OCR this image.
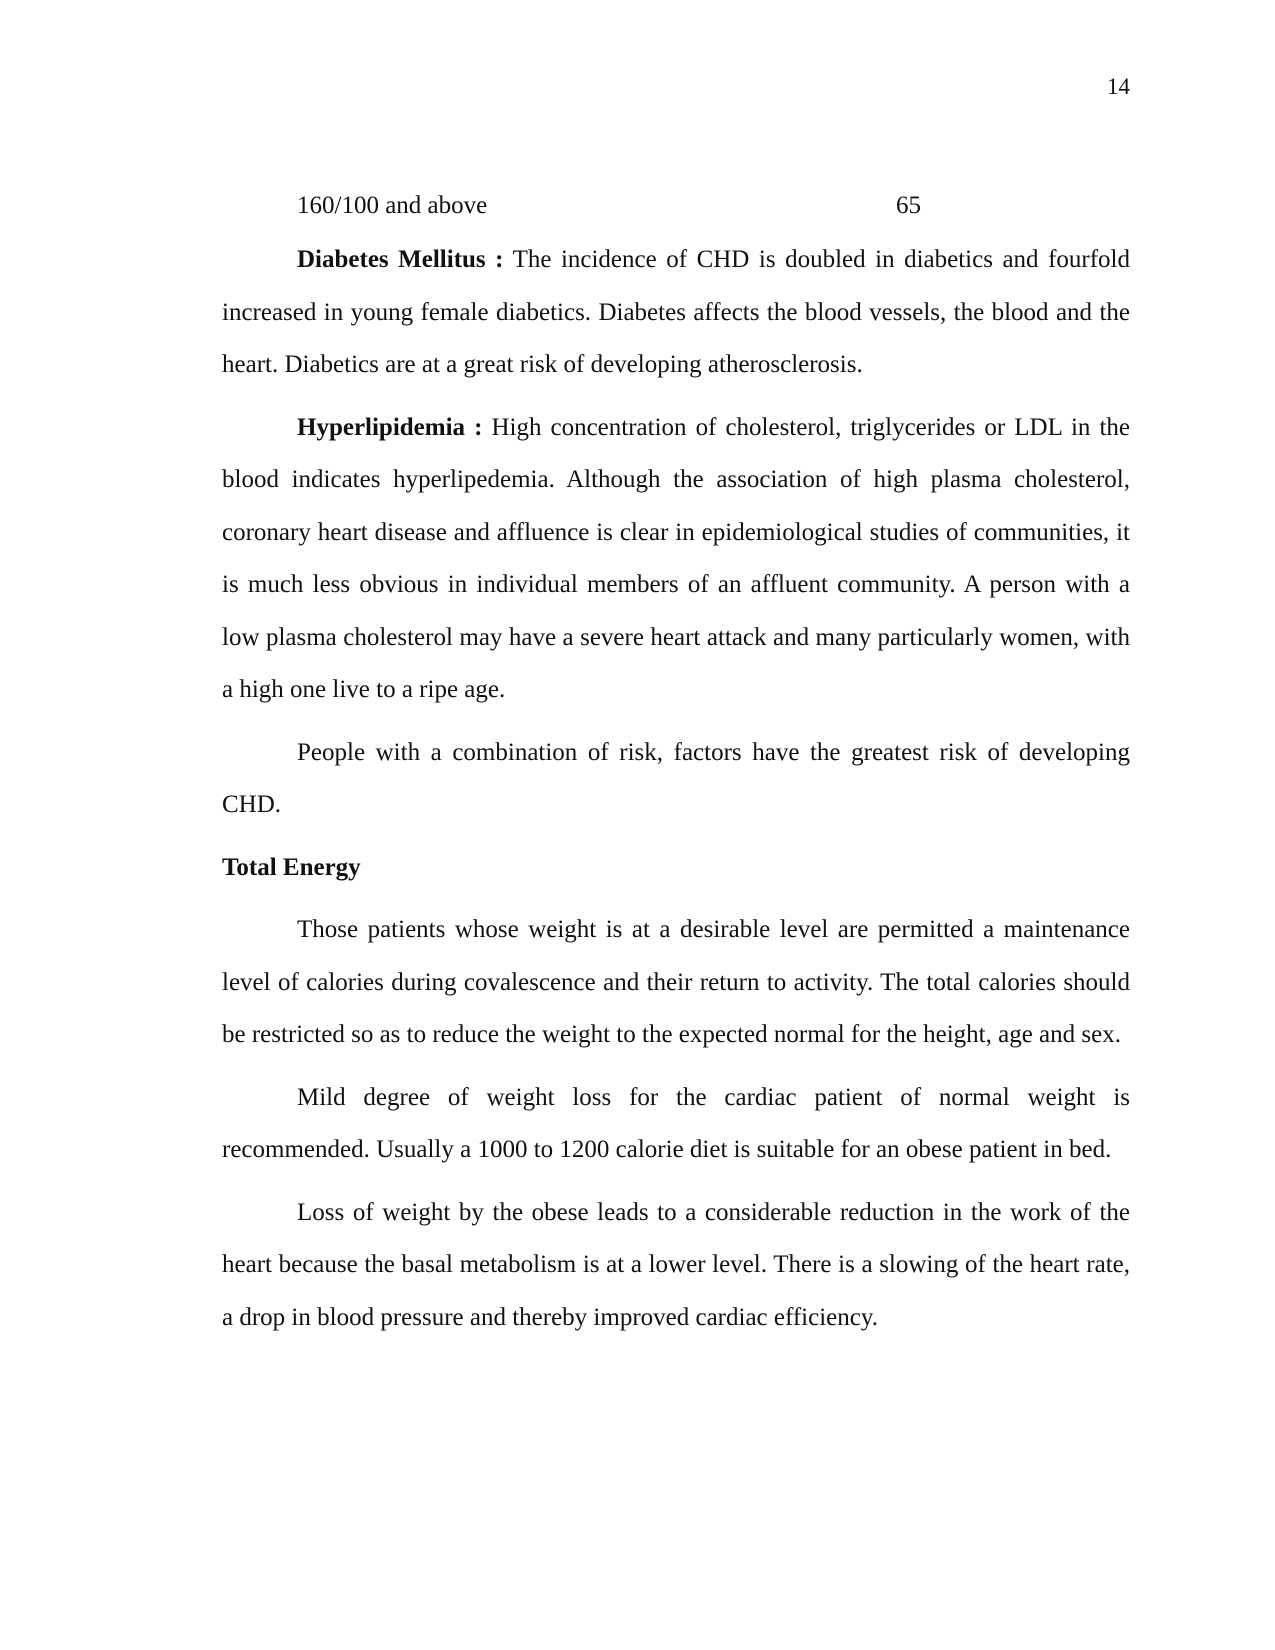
14
160/100 and above	65

Diabetes Mellitus : The incidence of CHD is doubled in diabetics and fourfold increased in young female diabetics. Diabetes affects the blood vessels, the blood and the heart. Diabetics are at a great risk of developing atherosclerosis.

Hyperlipidemia : High concentration of cholesterol, triglycerides or LDL in the blood indicates hyperlipedemia. Although the association of high plasma cholesterol, coronary heart disease and affluence is clear in epidemiological studies of communities, it is much less obvious in individual members of an affluent community. A person with a low plasma cholesterol may have a severe heart attack and many particularly women, with a high one live to a ripe age.

People with a combination of risk, factors have the greatest risk of developing CHD.

Total Energy

Those patients whose weight is at a desirable level are permitted a maintenance level of calories during covalescence and their return to activity. The total calories should be restricted so as to reduce the weight to the expected normal for the height, age and sex.

Mild degree of weight loss for the cardiac patient of normal weight is recommended. Usually a 1000 to 1200 calorie diet is suitable for an obese patient in bed.

Loss of weight by the obese leads to a considerable reduction in the work of the heart because the basal metabolism is at a lower level. There is a slowing of the heart rate, a drop in blood pressure and thereby improved cardiac efficiency.
